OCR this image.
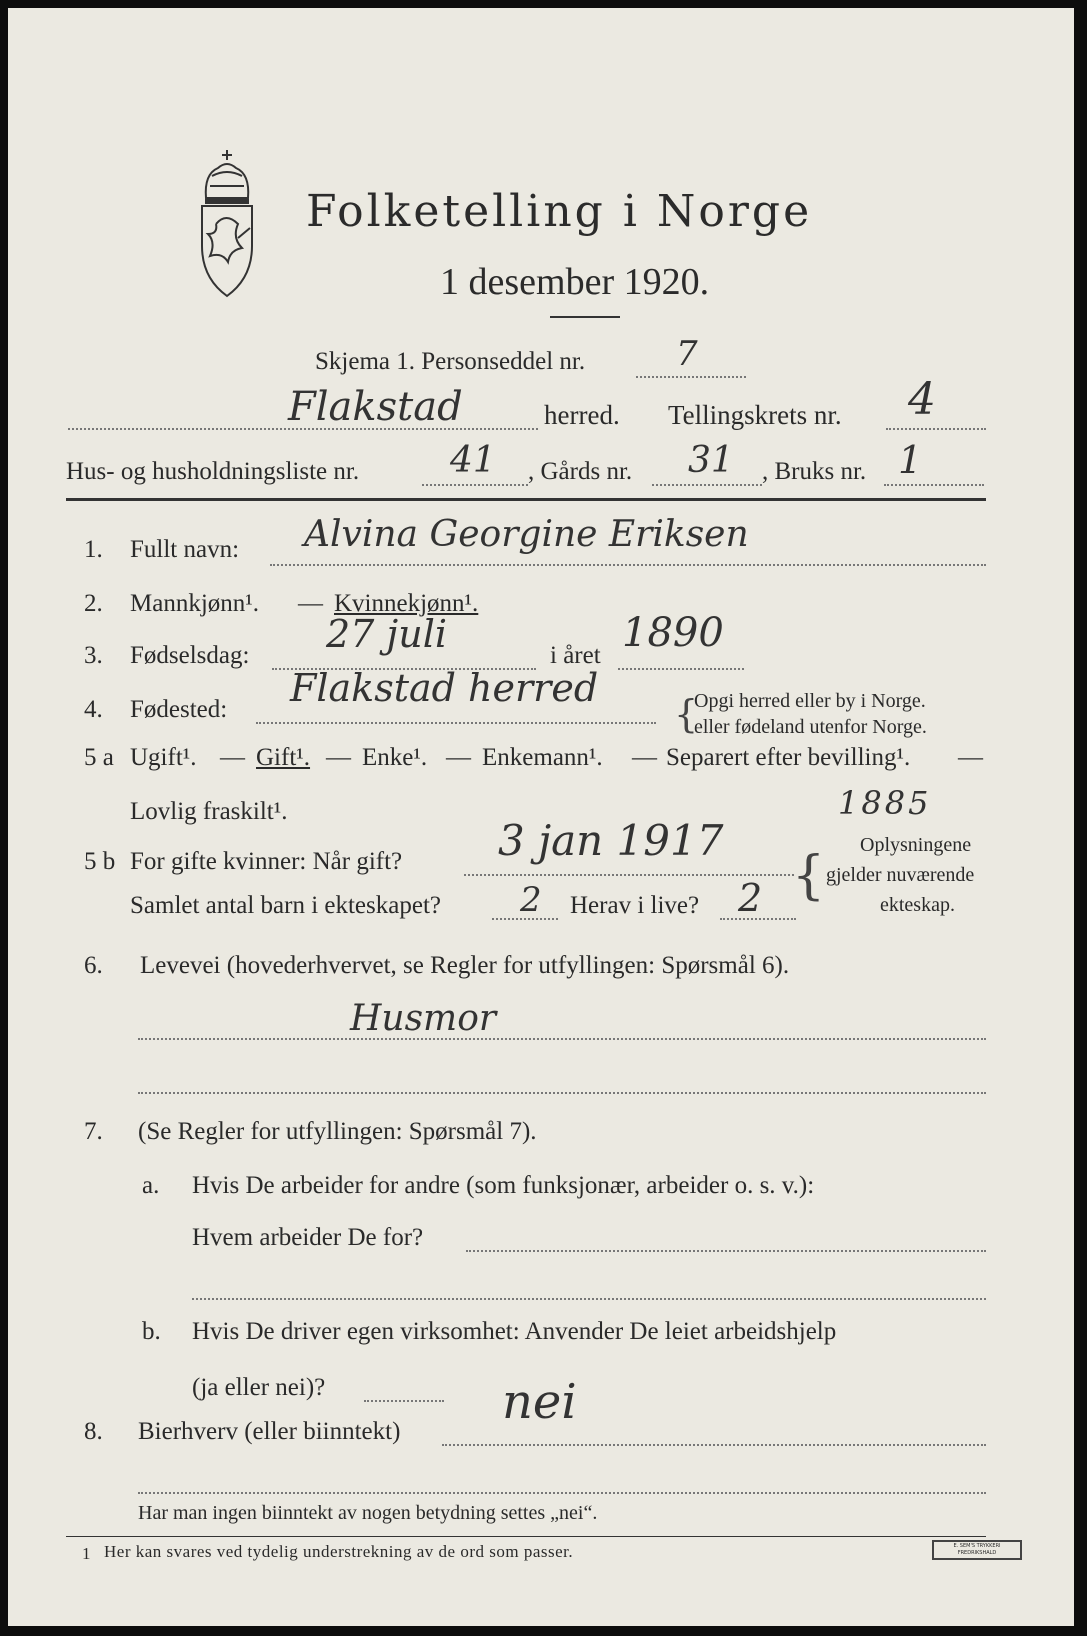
Folketelling i Norge
1 desember 1920.
Skjema 1. Personseddel nr.	7
Flakstad	herred. Tellingskrets nr. 4
Hus- og husholdningsliste nr.	41 , Gårds nr. 31 , Bruks nr. 1
1. Fullt navn: Alvina Georgine Eriksen
2. Mannkjønn¹. — Kvinnekjønn¹.
3. Fødselsdag: 27 juli	i året 1890
4. Fødested: Flakstad herred
{
Opgi herred eller by i Norge.
eller fødeland utenfor Norge.
5 a Ugift¹. — Gift¹. — Enke¹. — Enkemann¹. — Separert efter bevilling¹. —
Lovlig fraskilt¹.	1885
5 b For gifte kvinner: Når gift? 3 jan 1917
{
Oplysningene
gjelder nuværende
ekteskap.
Samlet antal barn i ekteskapet? 2 Herav i live? 2
6. Levevei (hovederhvervet, se Regler for utfyllingen: Spørsmål 6).
Husmor
7. (Se Regler for utfyllingen: Spørsmål 7).
a. Hvis De arbeider for andre (som funksjonær, arbeider o. s. v.):
Hvem arbeider De for?
b. Hvis De driver egen virksomhet: Anvender De leiet arbeidshjelp
(ja eller nei)?	nei
8. Bierhverv (eller biinntekt)
Har man ingen biinntekt av nogen betydning settes „nei“.
1 Her kan svares ved tydelig understrekning av de ord som passer.	E. SEM'S TRYKKERI FREDRIKSHALD
